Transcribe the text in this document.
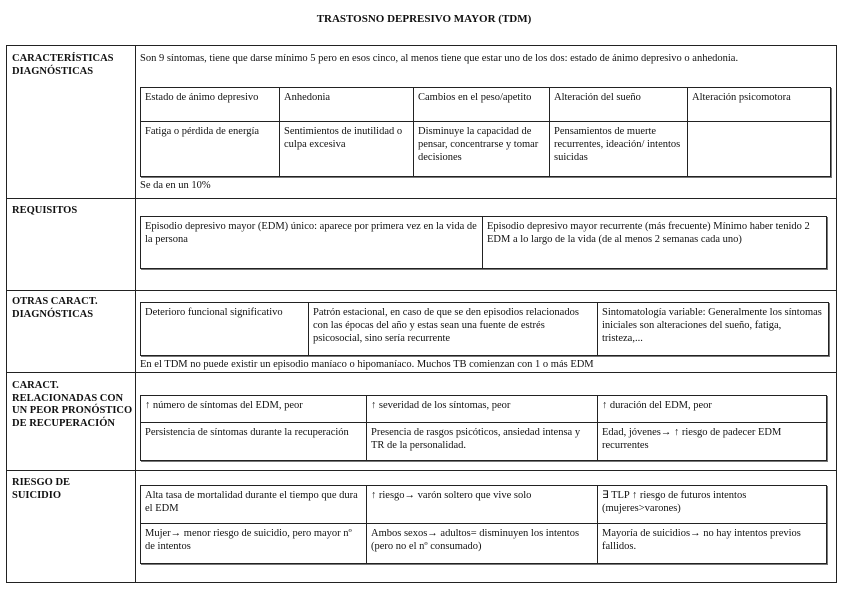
TRASTOSNO DEPRESIVO MAYOR (TDM)
CARACTERÍSTICAS DIAGNÓSTICAS
Son 9 síntomas, tiene que darse mínimo 5 pero en esos cinco, al menos tiene que estar uno de los dos: estado de ánimo depresivo o anhedonia.
Estado de ánimo depresivo	Anhedonia	Cambios en el peso/apetito	Alteración del sueño	Alteración psicomotora
Fatiga o pérdida de energía	Sentimientos de inutilidad o culpa excesiva	Disminuye la capacidad de pensar, concentrarse y tomar decisiones	Pensamientos de muerte recurrentes, ideación/ intentos suicidas	
Se da en un 10%
REQUISITOS
Episodio depresivo mayor (EDM) único: aparece por primera vez en la vida de la persona	Episodio depresivo mayor recurrente (más frecuente) Mínimo haber tenido 2 EDM a lo largo de la vida (de al menos 2 semanas cada uno)
OTRAS CARACT. DIAGNÓSTICAS	Deterioro funcional significativo	Patrón estacional, en caso de que se den episodios relacionados con las épocas del año y estas sean una fuente de estrés psicosocial, sino sería recurrente	Sintomatología variable: Generalmente los síntomas iniciales son alteraciones del sueño, fatiga, tristeza,...
En el TDM no puede existir un episodio maníaco o hipomaníaco. Muchos TB comienzan con 1 o más EDM
CARACT. RELACIONADAS CON UN PEOR PRONÓSTICO DE RECUPERACIÓN
↑ número de síntomas del EDM, peor	↑ severidad de los síntomas, peor	↑ duración del EDM, peor
Persistencia de síntomas durante la recuperación	Presencia de rasgos psicóticos, ansiedad intensa y TR de la personalidad.	Edad, jóvenes→ ↑ riesgo de padecer EDM recurrentes
RIESGO DE SUICIDIO	Alta tasa de mortalidad durante el tiempo que dura el EDM	↑ riesgo→ varón soltero que vive solo	∃ TLP ↑ riesgo de futuros intentos (mujeres>varones)
Mujer→ menor riesgo de suicidio, pero mayor nº de intentos	Ambos sexos→ adultos= disminuyen los intentos (pero no el nº consumado)	Mayoría de suicidios→ no hay intentos previos fallidos.
